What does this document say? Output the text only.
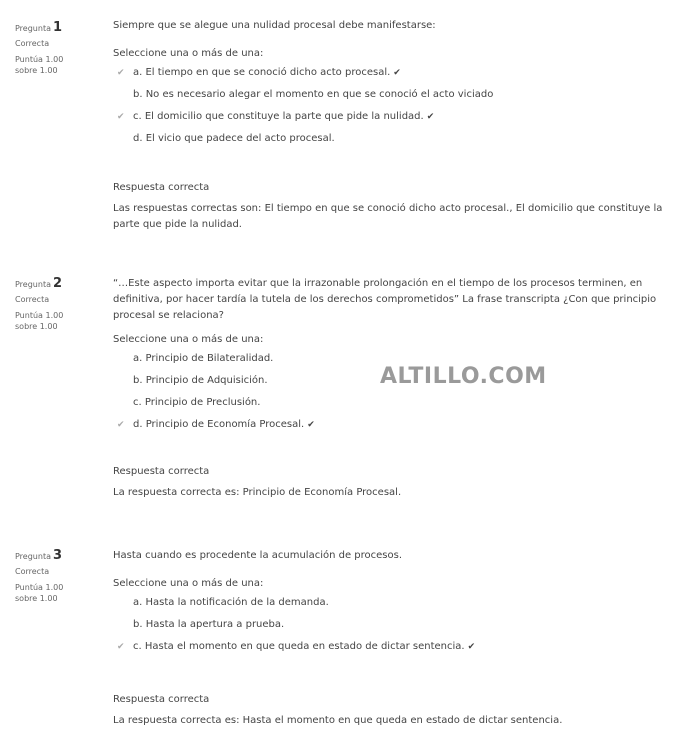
Pregunta 1
Correcta
Puntúa 1.00
sobre 1.00
Siempre que se alegue una nulidad procesal debe manifestarse:
Seleccione una o más de una:
✔ a. El tiempo en que se conoció dicho acto procesal. ✔
b. No es necesario alegar el momento en que se conoció el acto viciado
✔ c. El domicilio que constituye la parte que pide la nulidad. ✔
d. El vicio que padece del acto procesal.
Respuesta correcta
Las respuestas correctas son: El tiempo en que se conoció dicho acto procesal., El domicilio que constituye la parte que pide la nulidad.
Pregunta 2
Correcta
Puntúa 1.00
sobre 1.00
“…Este aspecto importa evitar que la irrazonable prolongación en el tiempo de los procesos terminen, en definitiva, por hacer tardía la tutela de los derechos comprometidos” La frase transcripta ¿Con que principio procesal se relaciona?
Seleccione una o más de una:
a. Principio de Bilateralidad.
b. Principio de Adquisición.
c. Principio de Preclusión.
✔ d. Principio de Economía Procesal. ✔
Respuesta correcta
La respuesta correcta es: Principio de Economía Procesal.
Pregunta 3
Correcta
Puntúa 1.00
sobre 1.00
Hasta cuando es procedente la acumulación de procesos.
Seleccione una o más de una:
a. Hasta la notificación de la demanda.
b. Hasta la apertura a prueba.
✔ c. Hasta el momento en que queda en estado de dictar sentencia. ✔
Respuesta correcta
La respuesta correcta es: Hasta el momento en que queda en estado de dictar sentencia.
ALTILLO.COM
